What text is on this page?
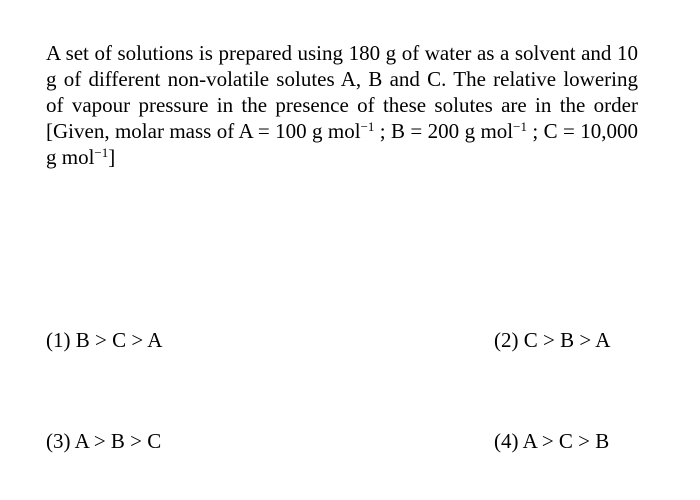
A set of solutions is prepared using 180 g of water as a solvent and 10 g of different non-volatile solutes A, B and C. The relative lowering of vapour pressure in the presence of these solutes are in the order [Given, molar mass of A = 100 g mol$^{-1}$ ; B = 200 g mol$^{-1}$ ; C = 10,000 g mol$^{-1}$]
(1) B > C > A	(2) C > B > A
(3) A > B > C	(4) A > C > B
